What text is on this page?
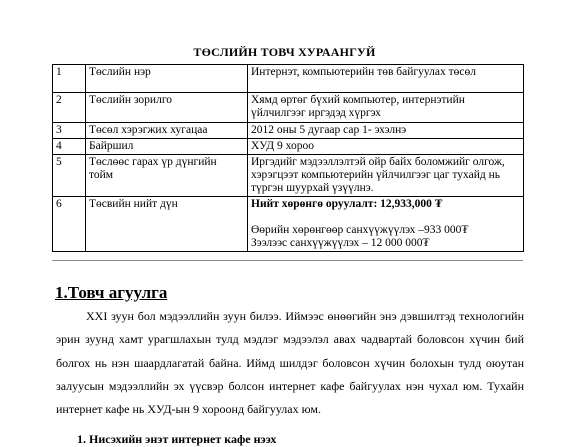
ТӨСЛИЙН ТОВЧ ХУРААНГУЙ
1	Төслийн нэр	Интернэт, компьютерийн төв байгуулах төсөл

2	Төслийн зорилго	Хямд өртөг бүхий компьютер, интернэтийн
үйлчилгээг иргэдэд хүргэх

3	Төсөл хэрэгжих хугацаа	2012 оны 5 дугаар сар 1- эхэлнэ

4	Байршил	ХУД 9 хороо

5	Төслөөс гарах үр дүнгийн
тойм	Иргэдийг мэдээллэлтэй ойр байх боломжийг олгож,
хэрэгцээт компьютерийн үйлчилгээг цаг тухайд нь
түргэн шуурхай үзүүлнэ.

6	Төсвийн нийт дүн	Нийт хөрөнгө оруулалт: 12,933,000 ₮
Өөрийн хөрөнгөөр санхүүжүүлэх –933 000₮
Зээлээс санхүүжүүлэх – 12 000 000₮
1.Товч агуулга
XXI зуун бол мэдээллийн зуун билээ. Иймээс өнөөгийн энэ дэвшилтэд технологийн эрин зуунд хамт урагшлахын тулд мэдлэг мэдээлэл авах чадвартай боловсон хүчин бий болгох нь нэн шаардлагатай байна. Иймд шилдэг боловсон хүчин болохын тулд оюутан залуусын мэдээллийн эх үүсвэр болсон интернет кафе байгуулах нэн чухал юм. Тухайн интернет кафе нь ХУД-ын 9 хороонд байгуулах юм.
1. Нисэхийн энэт интернет кафе нээх
